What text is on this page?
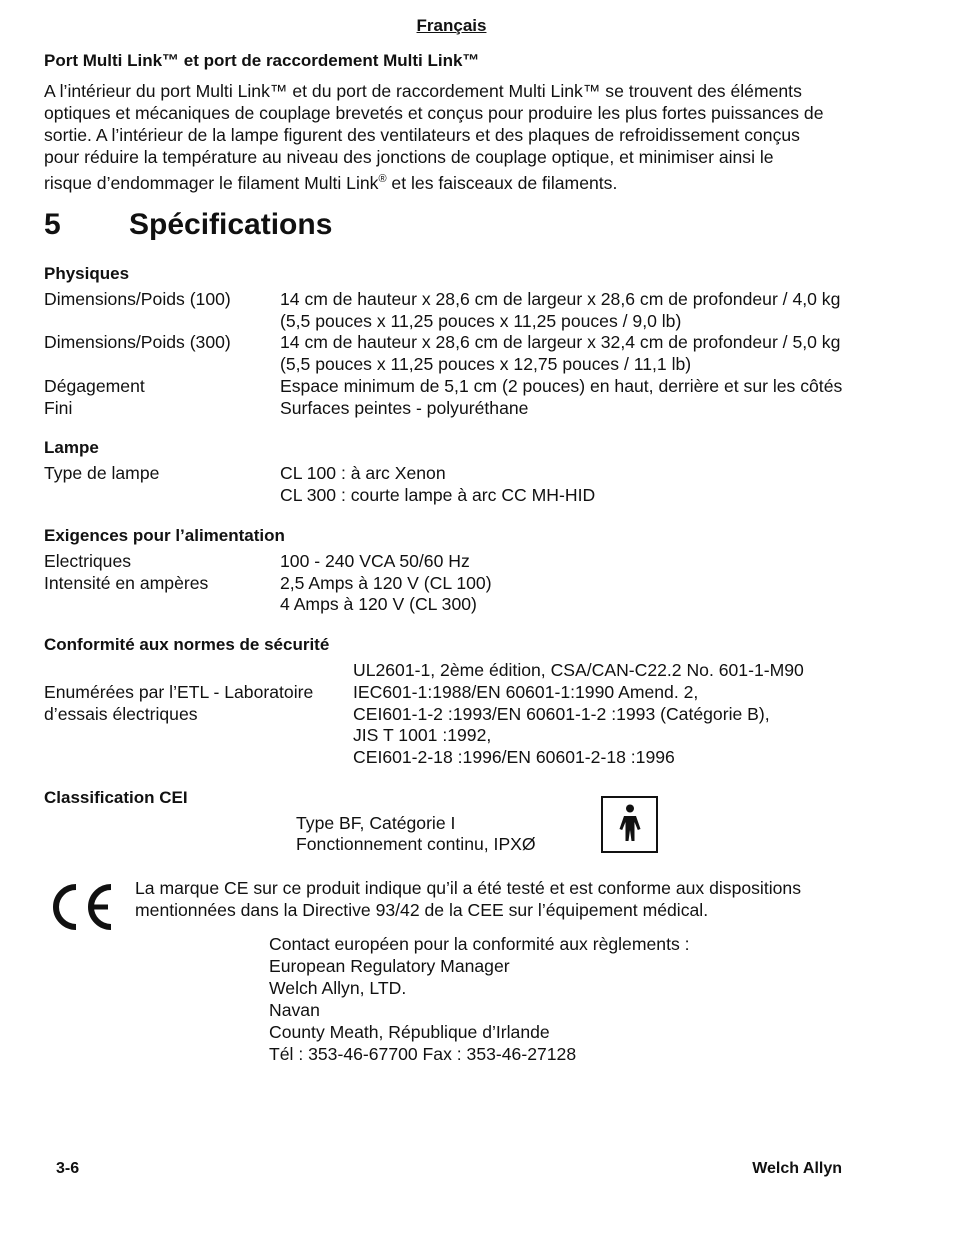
Français
Port Multi Link™ et port de raccordement Multi Link™
A l’intérieur du port Multi Link™ et du port de raccordement Multi Link™ se trouvent des éléments
optiques et mécaniques de couplage brevetés et conçus pour produire les plus fortes puissances de
sortie. A l’intérieur de la lampe figurent des ventilateurs et des plaques de refroidissement conçus
pour réduire la température au niveau des jonctions de couplage optique, et minimiser ainsi le
risque d’endommager le filament Multi Link® et les faisceaux de filaments.
5 Spécifications
Physiques
Dimensions/Poids (100)	14 cm de hauteur x 28,6 cm de largeur x 28,6 cm de profondeur / 4,0 kg
(5,5 pouces x 11,25 pouces x 11,25 pouces / 9,0 lb)
Dimensions/Poids (300)	14 cm de hauteur x 28,6 cm de largeur x 32,4 cm de profondeur / 5,0 kg
(5,5 pouces x 11,25 pouces x 12,75 pouces / 11,1 lb)
Dégagement	Espace minimum de 5,1 cm (2 pouces) en haut, derrière et sur les côtés
Fini	Surfaces peintes - polyuréthane
Lampe
Type de lampe	CL 100 : à arc Xenon
CL 300 : courte lampe à arc CC MH-HID
Exigences pour l’alimentation
Electriques	100 - 240 VCA 50/60 Hz
Intensité en ampères	2,5 Amps à 120 V (CL 100)
4 Amps à 120 V (CL 300)
Conformité aux normes de sécurité
Enumérées par l’ETL - Laboratoire
d’essais électriques
UL2601-1, 2ème édition, CSA/CAN-C22.2 No. 601-1-M90
IEC601-1:1988/EN 60601-1:1990 Amend. 2,
CEI601-1-2 :1993/EN 60601-1-2 :1993 (Catégorie B),
JIS T 1001 :1992,
CEI601-2-18 :1996/EN 60601-2-18 :1996
Classification CEI
Type BF, Catégorie I
Fonctionnement continu, IPXØ
La marque CE sur ce produit indique qu’il a été testé et est conforme aux dispositions
mentionnées dans la Directive 93/42 de la CEE sur l’équipement médical.
Contact européen pour la conformité aux règlements :
European Regulatory Manager
Welch Allyn, LTD.
Navan
County Meath, République d’Irlande
Tél : 353-46-67700 Fax : 353-46-27128
3-6	Welch Allyn
